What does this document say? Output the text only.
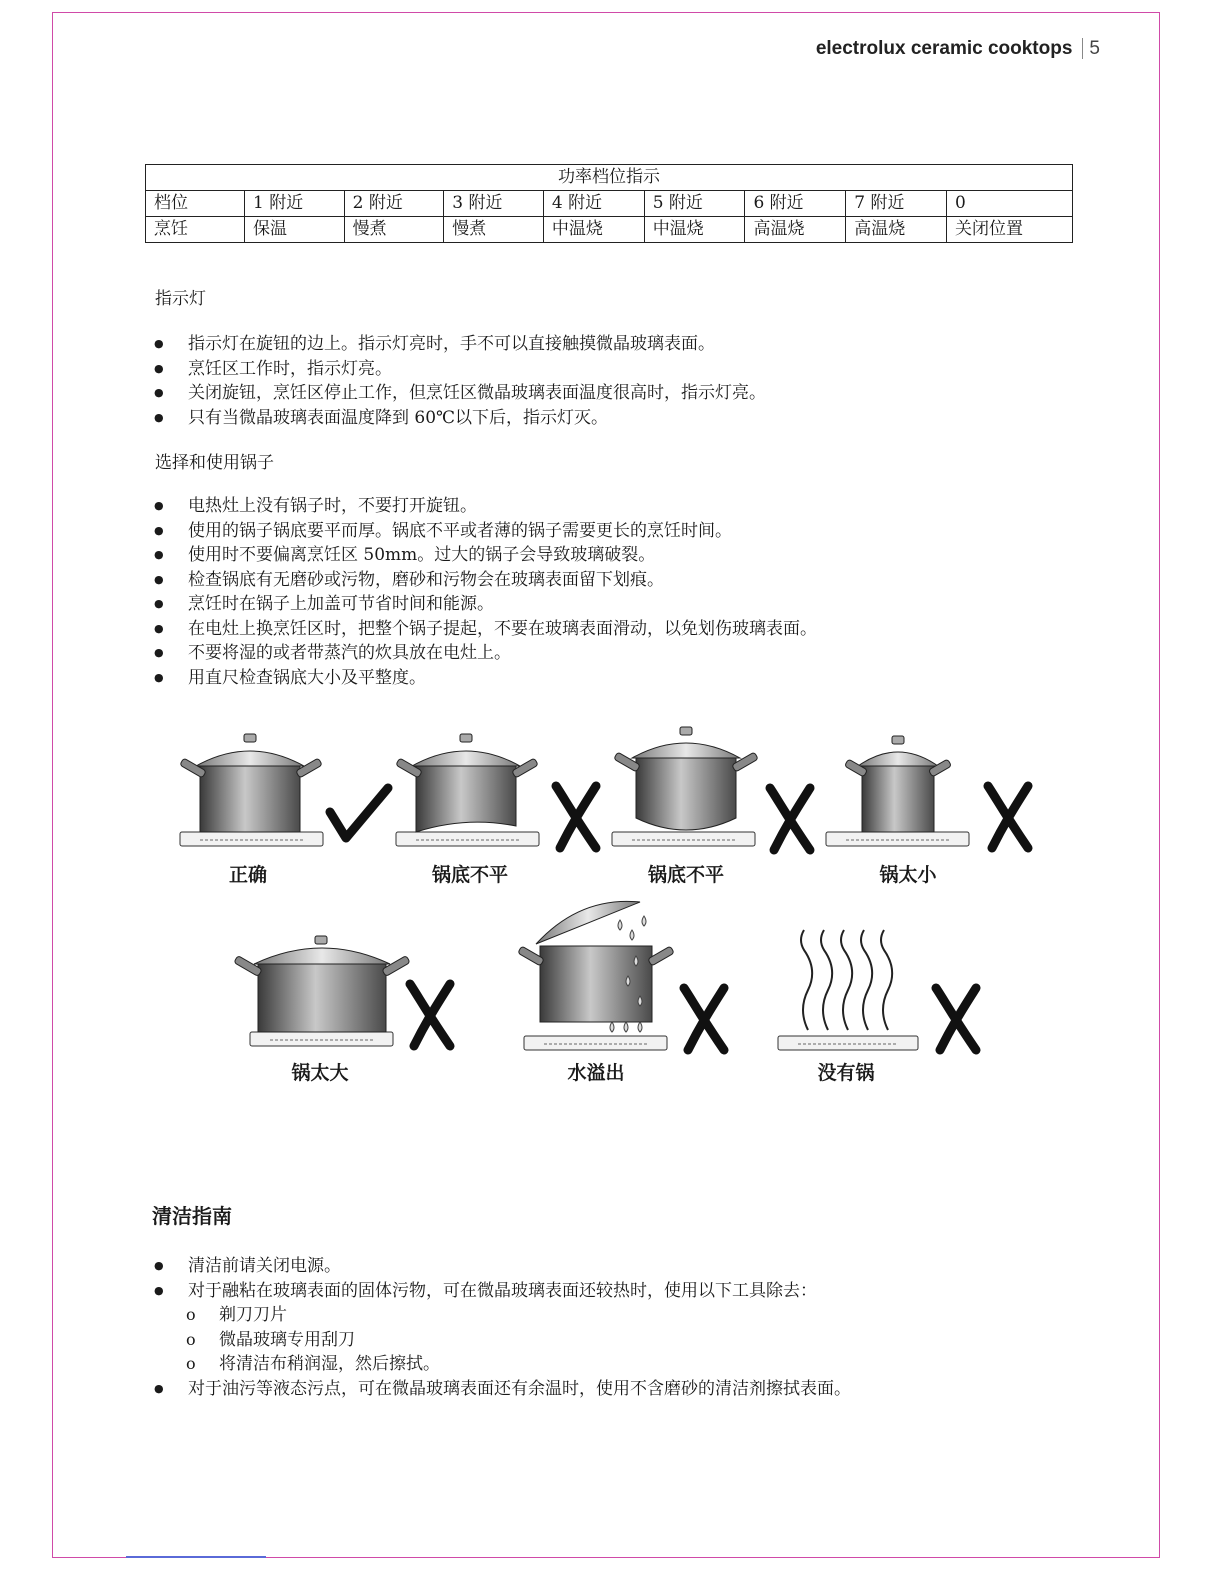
electrolux ceramic cooktops 5
功率档位指示								
档位	1 附近	2 附近	3 附近	4 附近	5 附近	6 附近	7 附近	0
烹饪	保温	慢煮	慢煮	中温烧	中温烧	高温烧	高温烧	关闭位置
指示灯
● 指示灯在旋钮的边上。指示灯亮时，手不可以直接触摸微晶玻璃表面。
● 烹饪区工作时，指示灯亮。
● 关闭旋钮，烹饪区停止工作，但烹饪区微晶玻璃表面温度很高时，指示灯亮。
● 只有当微晶玻璃表面温度降到 60℃以下后，指示灯灭。
选择和使用锅子
● 电热灶上没有锅子时，不要打开旋钮。
● 使用的锅子锅底要平而厚。锅底不平或者薄的锅子需要更长的烹饪时间。
● 使用时不要偏离烹饪区 50mm。过大的锅子会导致玻璃破裂。
● 检查锅底有无磨砂或污物，磨砂和污物会在玻璃表面留下划痕。
● 烹饪时在锅子上加盖可节省时间和能源。
● 在电灶上换烹饪区时，把整个锅子提起，不要在玻璃表面滑动，以免划伤玻璃表面。
● 不要将湿的或者带蒸汽的炊具放在电灶上。
● 用直尺检查锅底大小及平整度。
正确	锅底不平	锅底不平	锅太小
锅太大	水溢出	没有锅
清洁指南
● 清洁前请关闭电源。
● 对于融粘在玻璃表面的固体污物，可在微晶玻璃表面还较热时，使用以下工具除去：
o 剃刀刀片
o 微晶玻璃专用刮刀
o 将清洁布稍润湿，然后擦拭。
● 对于油污等液态污点，可在微晶玻璃表面还有余温时，使用不含磨砂的清洁剂擦拭表面。
